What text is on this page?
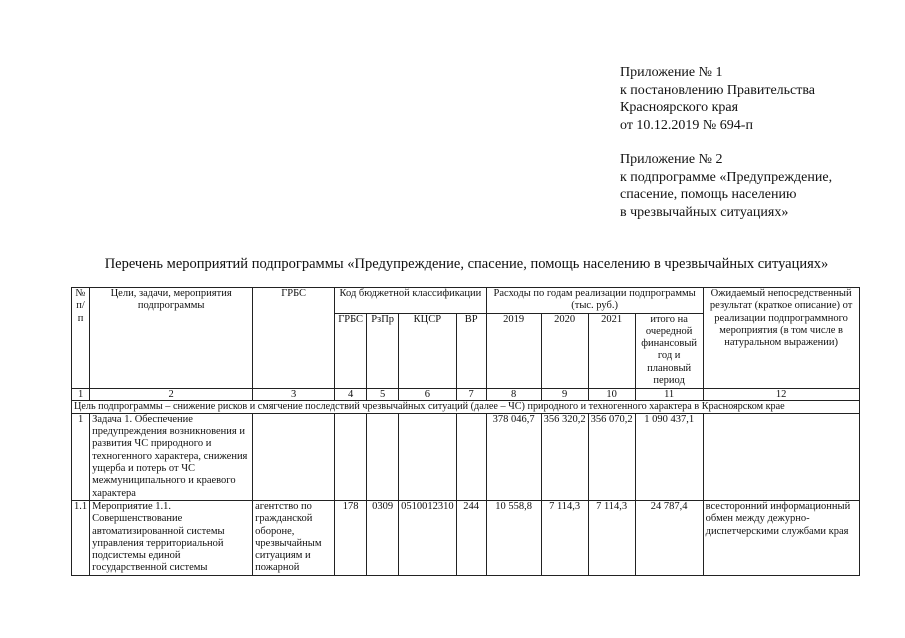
Приложение № 1
к постановлению Правительства
Красноярского края
от 10.12.2019 № 694-п
Приложение № 2
к подпрограмме «Предупреждение,
спасение, помощь населению
в чрезвычайных ситуациях»
Перечень мероприятий подпрограммы «Предупреждение, спасение, помощь населению в чрезвычайных ситуациях»
№ п/п	Цели, задачи, мероприятия подпрограммы	ГРБС	Код бюджетной классификации				Расходы по годам реализации подпрограммы (тыс. руб.)				Ожидаемый непосредственный результат (краткое описание) от реализации подпрограммного мероприятия (в том числе в натуральном выражении)
			ГРБС	РзПр	КЦСР	ВР	2019	2020	2021	итого на очередной финансовый год и плановый период	
1	2	3	4	5	6	7	8	9	10	11	12
Цель подпрограммы – снижение рисков и смягчение последствий чрезвычайных ситуаций (далее – ЧС) природного и техногенного характера в Красноярском крае											
1	Задача 1. Обеспечение предупреждения возникновения и развития ЧС природного и техногенного характера, снижения ущерба и потерь от ЧС межмуниципального и краевого характера						378 046,7	356 320,2	356 070,2	1 090 437,1	
1.1	Мероприятие 1.1. Совершенствование автоматизированной системы управления территориальной подсистемы единой государственной системы	агентство по гражданской обороне, чрезвычайным ситуациям и пожарной	178	0309	0510012310	244	10 558,8	7 114,3	7 114,3	24 787,4	всесторонний информационный обмен между дежурно-диспетчерскими службами края
